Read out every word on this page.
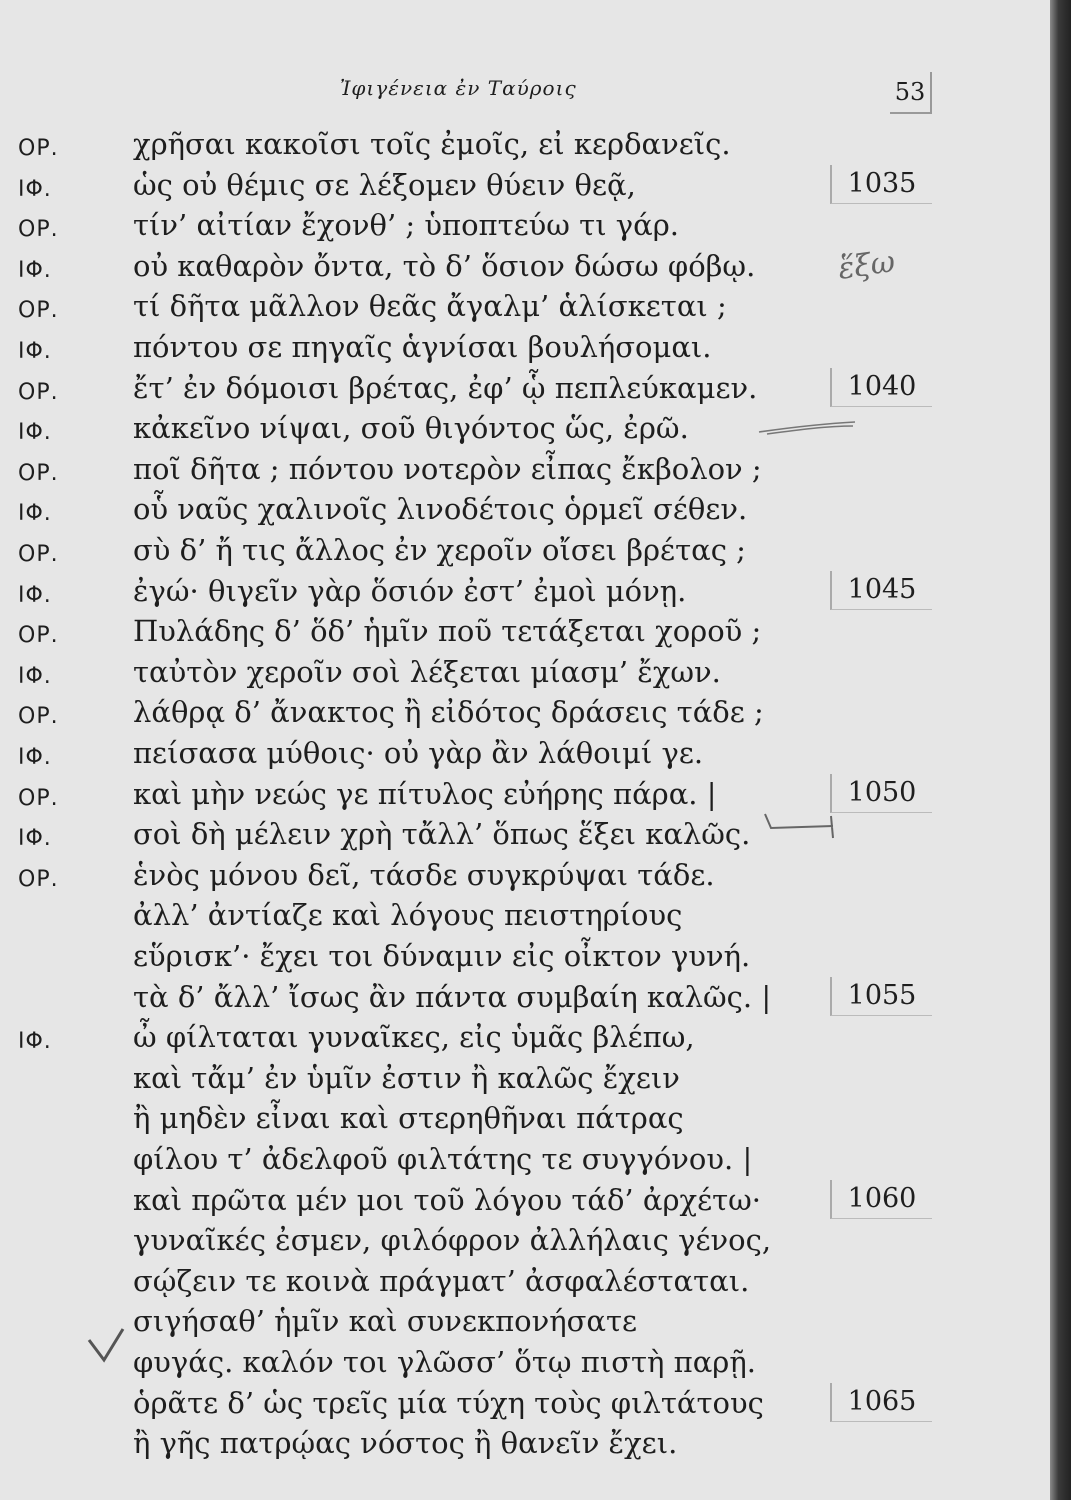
Ἰφιγένεια ἐν Ταύροις	53
ΟΡ.	χρῆσαι κακοῖσι τοῖς ἐμοῖς, εἰ κερδανεῖς.
ΙΦ.	ὡς οὐ θέμις σε λέξομεν θύειν θεᾷ,	1035
ΟΡ.	τίν’ αἰτίαν ἔχονθ’ ; ὑποπτεύω τι γάρ.
ΙΦ.	οὐ καθαρὸν ὄντα, τὸ δ’ ὅσιον δώσω φόβῳ.
ΟΡ.	τί δῆτα μᾶλλον θεᾶς ἄγαλμ’ ἁλίσκεται ;
ΙΦ.	πόντου σε πηγαῖς ἁγνίσαι βουλήσομαι.
ΟΡ.	ἔτ’ ἐν δόμοισι βρέτας, ἐφ’ ᾧ πεπλεύκαμεν.	1040
ΙΦ.	κἀκεῖνο νίψαι, σοῦ θιγόντος ὥς, ἐρῶ.
ΟΡ.	ποῖ δῆτα ; πόντου νοτερὸν εἶπας ἔκβολον ;
ΙΦ.	οὗ ναῦς χαλινοῖς λινοδέτοις ὁρμεῖ σέθεν.
ΟΡ.	σὺ δ’ ἤ τις ἄλλος ἐν χεροῖν οἴσει βρέτας ;
ΙΦ.	ἐγώ· θιγεῖν γὰρ ὅσιόν ἐστ’ ἐμοὶ μόνῃ.	1045
ΟΡ.	Πυλάδης δ’ ὅδ’ ἡμῖν ποῦ τετάξεται χοροῦ ;
ΙΦ.	ταὐτὸν χεροῖν σοὶ λέξεται μίασμ’ ἔχων.
ΟΡ.	λάθρᾳ δ’ ἄνακτος ἢ εἰδότος δράσεις τάδε ;
ΙΦ.	πείσασα μύθοις· οὐ γὰρ ἂν λάθοιμί γε.
ΟΡ.	καὶ μὴν νεώς γε πίτυλος εὐήρης πάρα. |	1050
ΙΦ.	σοὶ δὴ μέλειν χρὴ τἄλλ’ ὅπως ἕξει καλῶς.
ΟΡ.	ἑνὸς μόνου δεῖ, τάσδε συγκρύψαι τάδε.
ἀλλ’ ἀντίαζε καὶ λόγους πειστηρίους
εὕρισκ’· ἔχει τοι δύναμιν εἰς οἶκτον γυνή.
τὰ δ’ ἄλλ’ ἴσως ἂν πάντα συμβαίη καλῶς. |	1055
ΙΦ.	ὦ φίλταται γυναῖκες, εἰς ὑμᾶς βλέπω,
καὶ τἄμ’ ἐν ὑμῖν ἐστιν ἢ καλῶς ἔχειν
ἢ μηδὲν εἶναι καὶ στερηθῆναι πάτρας
φίλου τ’ ἀδελφοῦ φιλτάτης τε συγγόνου. |
καὶ πρῶτα μέν μοι τοῦ λόγου τάδ’ ἀρχέτω·	1060
γυναῖκές ἐσμεν, φιλόφρον ἀλλήλαις γένος,
σῴζειν τε κοινὰ πράγματ’ ἀσφαλέσταται.
σιγήσαθ’ ἡμῖν καὶ συνεκπονήσατε
φυγάς. καλόν τοι γλῶσσ’ ὅτῳ πιστὴ παρῇ.
ὁρᾶτε δ’ ὡς τρεῖς μία τύχη τοὺς φιλτάτους	1065
ἢ γῆς πατρῴας νόστος ἢ θανεῖν ἔχει.
ἕξω
